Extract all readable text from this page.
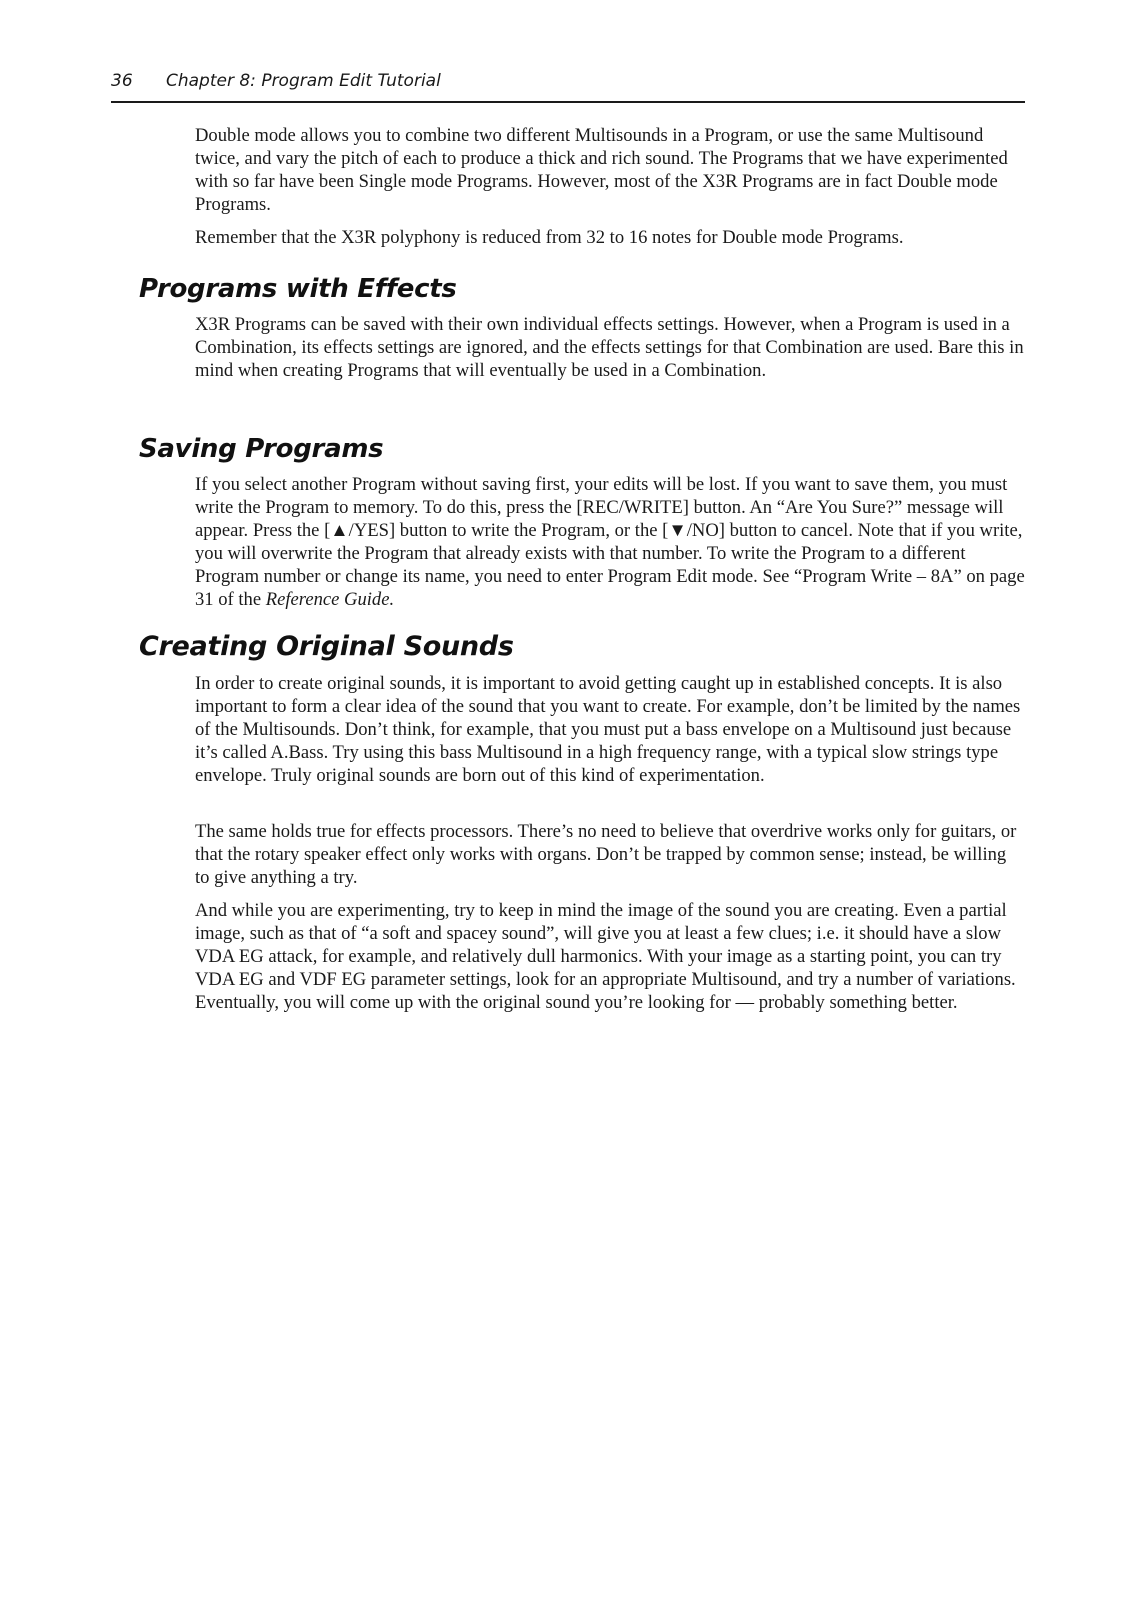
36 Chapter 8: Program Edit Tutorial

Double mode allows you to combine two different Multisounds in a Program, or use the same Multisound twice, and vary the pitch of each to produce a thick and rich sound. The Programs that we have experimented with so far have been Single mode Programs. However, most of the X3R Programs are in fact Double mode Programs.

Remember that the X3R polyphony is reduced from 32 to 16 notes for Double mode Programs.

Programs with Effects

X3R Programs can be saved with their own individual effects settings. However, when a Program is used in a Combination, its effects settings are ignored, and the effects settings for that Combination are used. Bare this in mind when creating Programs that will eventually be used in a Combination.

Saving Programs

If you select another Program without saving first, your edits will be lost. If you want to save them, you must write the Program to memory. To do this, press the [REC/WRITE] button. An “Are You Sure?” message will appear. Press the [▲/YES] button to write the Program, or the [▼/NO] button to cancel. Note that if you write, you will overwrite the Program that already exists with that number. To write the Program to a different Program number or change its name, you need to enter Program Edit mode. See “Program Write – 8A” on page 31 of the Reference Guide.

Creating Original Sounds

In order to create original sounds, it is important to avoid getting caught up in established concepts. It is also important to form a clear idea of the sound that you want to create. For example, don’t be limited by the names of the Multisounds. Don’t think, for example, that you must put a bass envelope on a Multisound just because it’s called A.Bass. Try using this bass Multisound in a high frequency range, with a typical slow strings type envelope. Truly original sounds are born out of this kind of experimentation.

The same holds true for effects processors. There’s no need to believe that overdrive works only for guitars, or that the rotary speaker effect only works with organs. Don’t be trapped by common sense; instead, be willing to give anything a try.

And while you are experimenting, try to keep in mind the image of the sound you are creating. Even a partial image, such as that of “a soft and spacey sound”, will give you at least a few clues; i.e. it should have a slow VDA EG attack, for example, and relatively dull harmonics. With your image as a starting point, you can try VDA EG and VDF EG parameter settings, look for an appropriate Multisound, and try a number of variations. Eventually, you will come up with the original sound you’re looking for — probably something better.
